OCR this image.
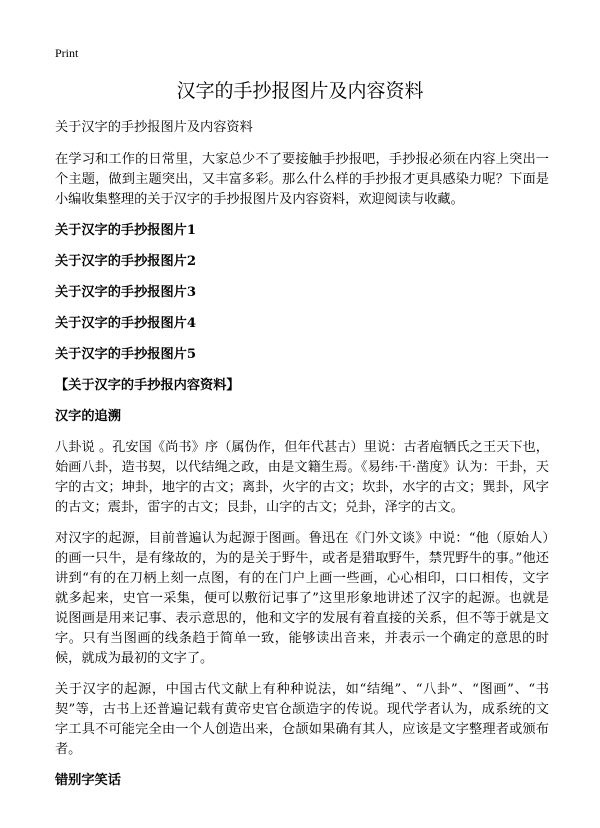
Print
汉字的手抄报图片及内容资料

关于汉字的手抄报图片及内容资料

在学习和工作的日常里，大家总少不了要接触手抄报吧，手抄报必须在内容上突出一个主题，做到主题突出，又丰富多彩。那么什么样的手抄报才更具感染力呢？下面是小编收集整理的关于汉字的手抄报图片及内容资料，欢迎阅读与收藏。

关于汉字的手抄报图片1

关于汉字的手抄报图片2

关于汉字的手抄报图片3

关于汉字的手抄报图片4

关于汉字的手抄报图片5

【关于汉字的手抄报内容资料】

汉字的追溯

八卦说 。孔安国《尚书》序（属伪作，但年代甚古）里说：古者庖牺氏之王天下也，始画八卦，造书契，以代结绳之政，由是文籍生焉。《易纬·干·凿度》认为：干卦，天字的古文；坤卦，地字的古文；离卦，火字的古文；坎卦，水字的古文；巽卦，风字的古文；震卦，雷字的古文；艮卦，山字的古文；兑卦，泽字的古文。

对汉字的起源，目前普遍认为起源于图画。鲁迅在《门外文谈》中说：“他（原始人）的画一只牛，是有缘故的，为的是关于野牛，或者是猎取野牛，禁咒野牛的事。”他还讲到“有的在刀柄上刻一点图，有的在门户上画一些画，心心相印，口口相传，文字就多起来，史官一采集，便可以敷衍记事了”这里形象地讲述了汉字的起源。也就是说图画是用来记事、表示意思的，他和文字的发展有着直接的关系，但不等于就是文字。只有当图画的线条趋于简单一致，能够读出音来，并表示一个确定的意思的时候，就成为最初的文字了。

关于汉字的起源，中国古代文献上有种种说法，如“结绳”、“八卦”、“图画”、“书契”等，古书上还普遍记载有黄帝史官仓颉造字的传说。现代学者认为，成系统的文字工具不可能完全由一个人创造出来，仓颉如果确有其人，应该是文字整理者或颁布者。

错别字笑话
